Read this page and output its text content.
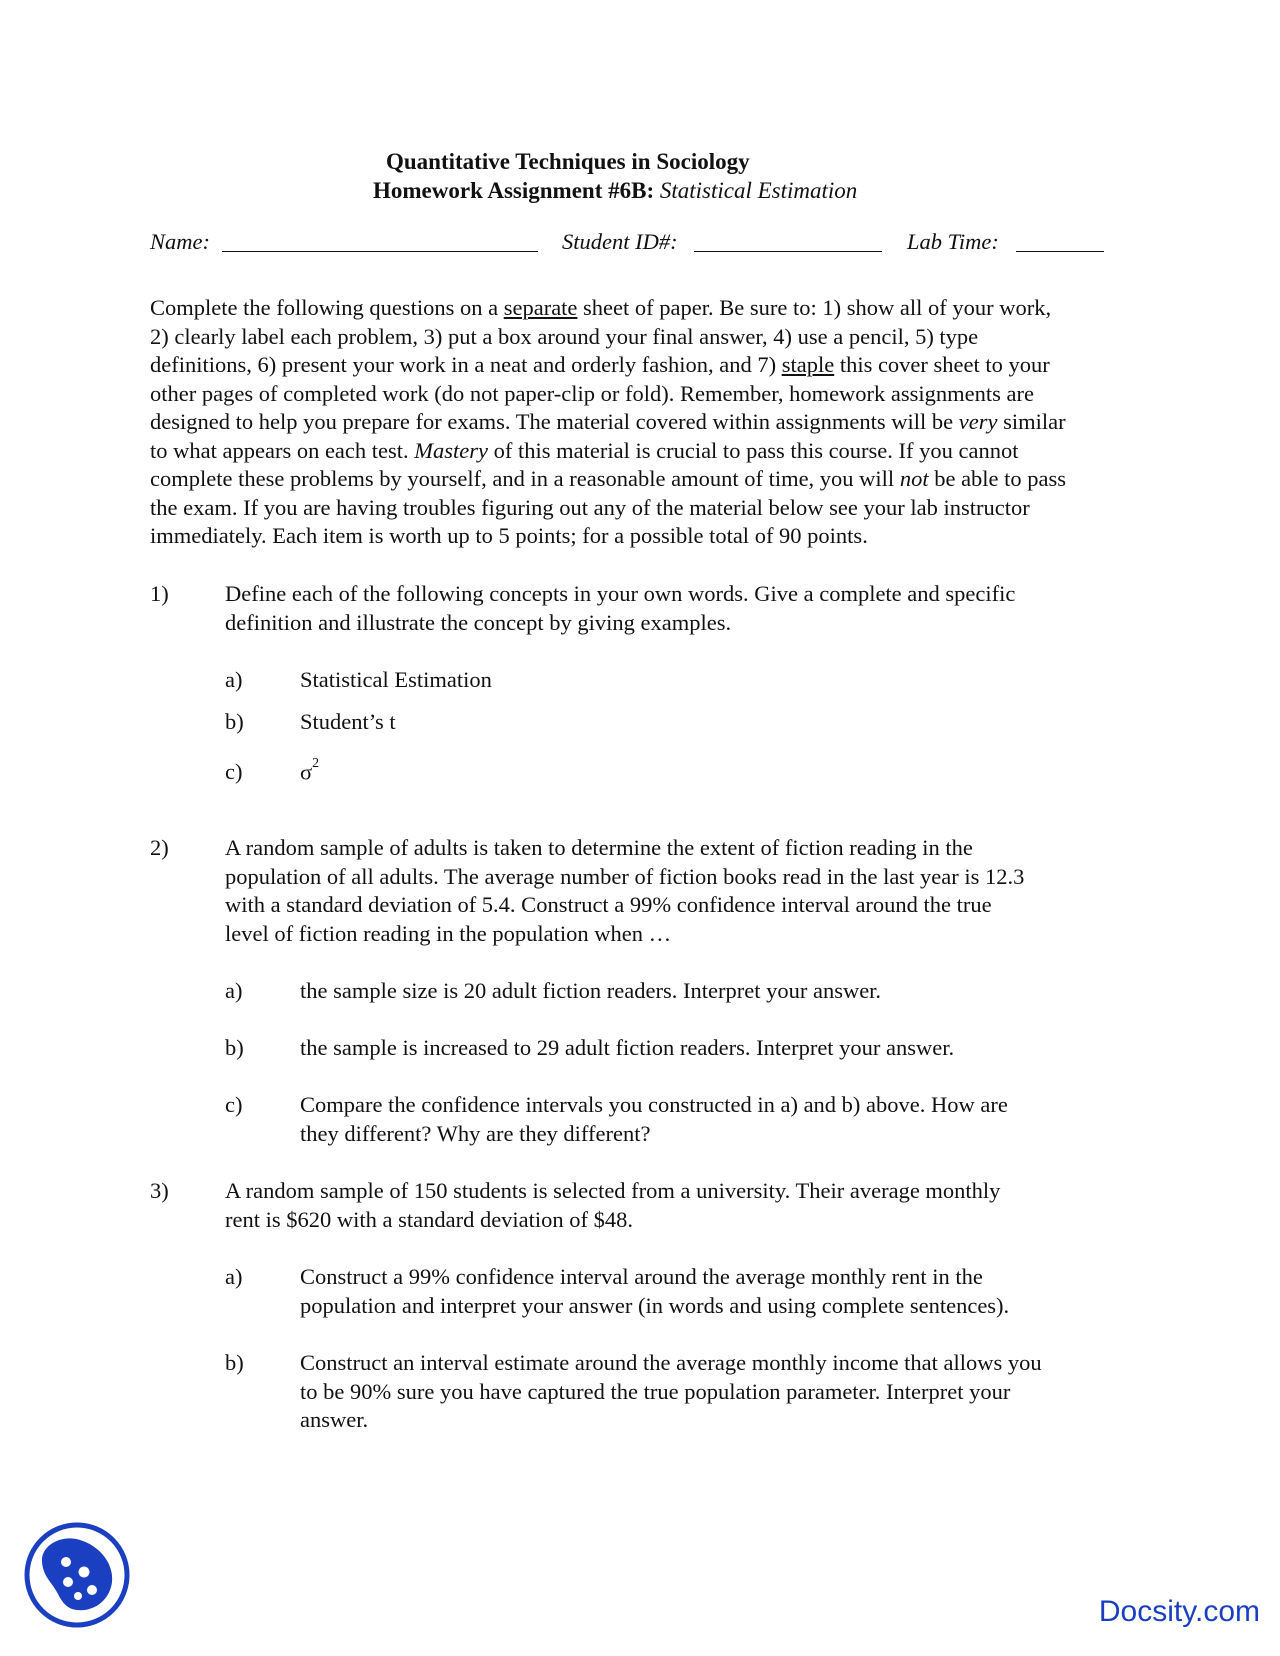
Quantitative Techniques in Sociology
Homework Assignment #6B: Statistical Estimation
Name:	Student ID#:	Lab Time:

Complete the following questions on a separate sheet of paper. Be sure to: 1) show all of your work,

2) clearly label each problem, 3) put a box around your final answer, 4) use a pencil, 5) type

definitions, 6) present your work in a neat and orderly fashion, and 7) staple this cover sheet to your

other pages of completed work (do not paper-clip or fold). Remember, homework assignments are

designed to help you prepare for exams. The material covered within assignments will be very similar

to what appears on each test. Mastery of this material is crucial to pass this course. If you cannot

complete these problems by yourself, and in a reasonable amount of time, you will not be able to pass

the exam. If you are having troubles figuring out any of the material below see your lab instructor

immediately. Each item is worth up to 5 points; for a possible total of 90 points.

1)	Define each of the following concepts in your own words. Give a complete and specific

definition and illustrate the concept by giving examples.

a)	Statistical Estimation

b)	Student’s t

c)	$\sigma^2$
2)	A random sample of adults is taken to determine the extent of fiction reading in the

population of all adults. The average number of fiction books read in the last year is 12.3

with a standard deviation of 5.4. Construct a 99% confidence interval around the true

level of fiction reading in the population when …

a)	the sample size is 20 adult fiction readers. Interpret your answer.

b)	the sample is increased to 29 adult fiction readers. Interpret your answer.

c)	Compare the confidence intervals you constructed in a) and b) above. How are

they different? Why are they different?

3)	A random sample of 150 students is selected from a university. Their average monthly

rent is $620 with a standard deviation of $48.

a)	Construct a 99% confidence interval around the average monthly rent in the

population and interpret your answer (in words and using complete sentences).

b)	Construct an interval estimate around the average monthly income that allows you

to be 90% sure you have captured the true population parameter. Interpret your

answer.

Docsity.com
